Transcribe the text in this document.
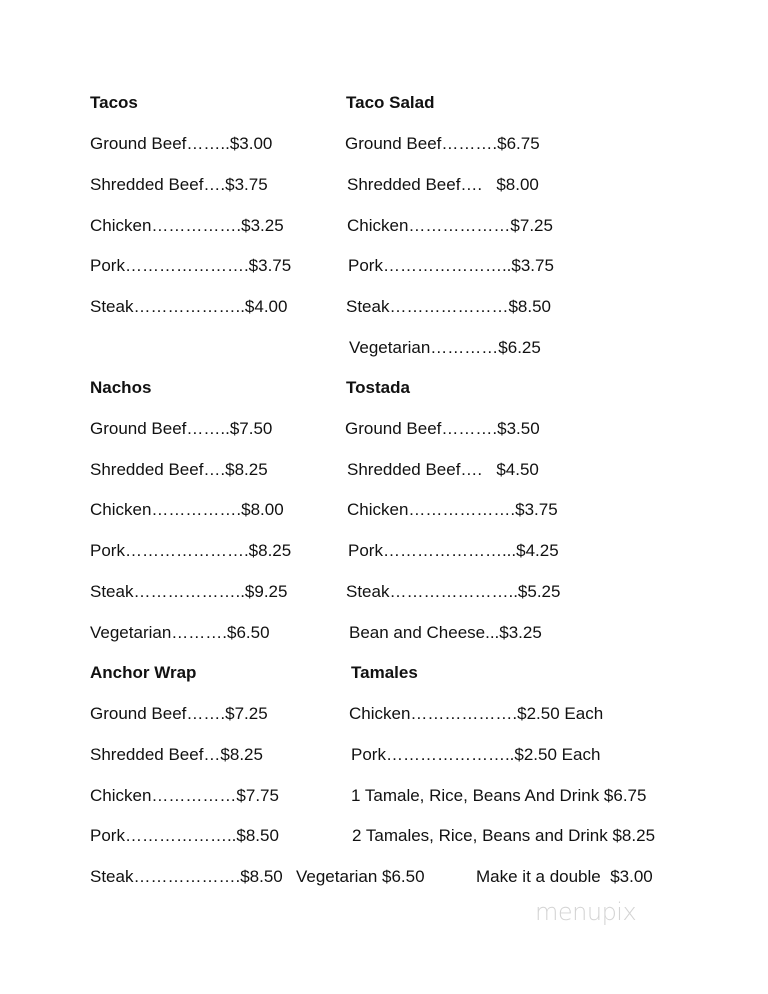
Tacos
Ground Beef……..$3.00
Shredded Beef….$3.75
Chicken…………….$3.25
Pork………………….$3.75
Steak………………..$4.00
Taco Salad
Ground Beef……….$6.75
Shredded Beef….   $8.00
Chicken………………$7.25
Pork…………………..$3.75
Steak…………………$8.50
Vegetarian…………$6.25
Nachos
Ground Beef……..$7.50
Shredded Beef….$8.25
Chicken…………….$8.00
Pork………………….$8.25
Steak………………..$9.25
Vegetarian……….$6.50
Tostada
Ground Beef……….$3.50
Shredded Beef….   $4.50
Chicken……………….$3.75
Pork…………………...$4.25
Steak…………………..$5.25
Bean and Cheese...$3.25
Anchor Wrap
Ground Beef…….$7.25
Shredded Beef…$8.25
Chicken……………$7.75
Pork………………..$8.50
Steak……………….$8.50 Vegetarian $6.50	Make it a double  $3.00
Tamales
Chicken……………….$2.50 Each
Pork…………………..$2.50 Each
1 Tamale, Rice, Beans And Drink $6.75
2 Tamales, Rice, Beans and Drink $8.25
menupix
